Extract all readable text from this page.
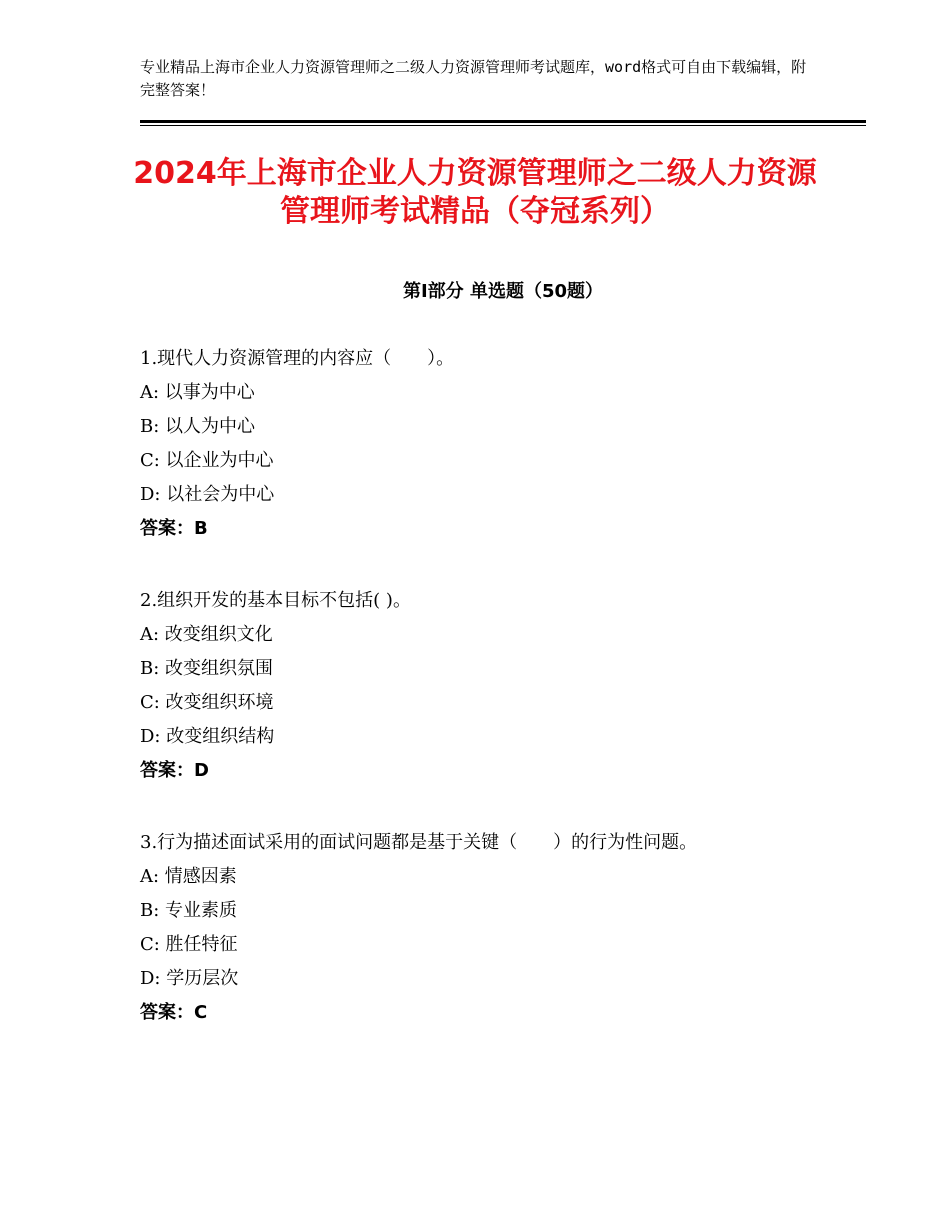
专业精品上海市企业人力资源管理师之二级人力资源管理师考试题库，word格式可自由下载编辑，附完整答案！
2024年上海市企业人力资源管理师之二级人力资源管理师考试精品（夺冠系列）
第I部分 单选题（50题）
1.现代人力资源管理的内容应（　　）。
A: 以事为中心
B: 以人为中心
C: 以企业为中心
D: 以社会为中心
答案：B
2.组织开发的基本目标不包括( )。
A: 改变组织文化
B: 改变组织氛围
C: 改变组织环境
D: 改变组织结构
答案：D
3.行为描述面试采用的面试问题都是基于关键（　　）的行为性问题。
A: 情感因素
B: 专业素质
C: 胜任特征
D: 学历层次
答案：C
